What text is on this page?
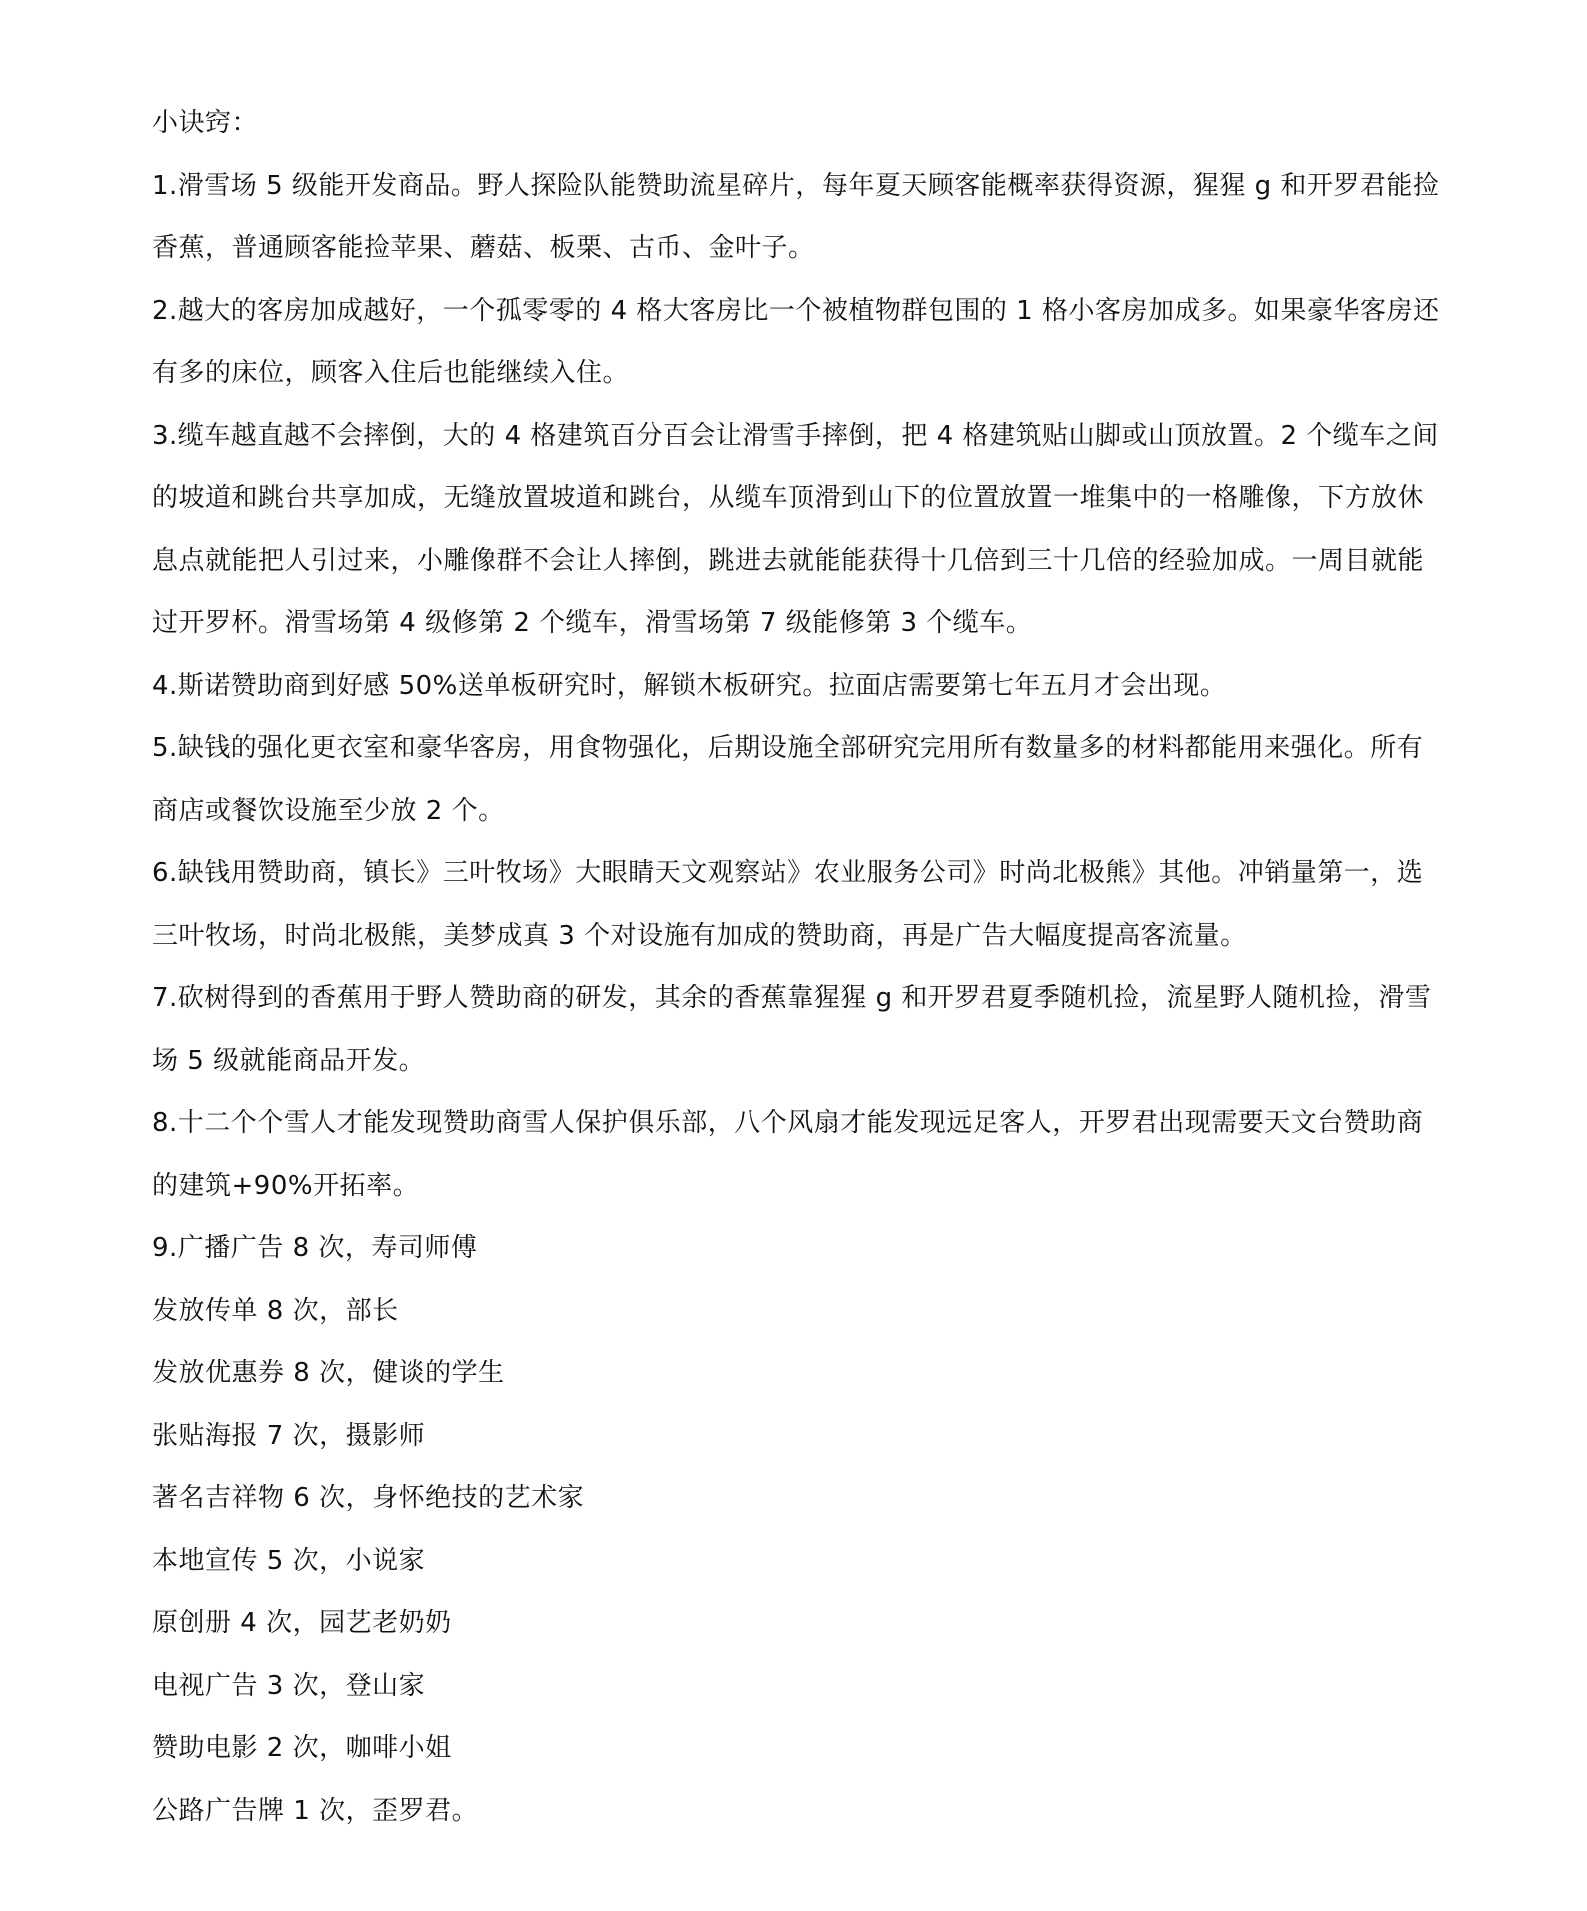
小诀窍：

1.滑雪场 5 级能开发商品。野人探险队能赞助流星碎片，每年夏天顾客能概率获得资源，猩猩 g 和开罗君能捡香蕉，普通顾客能捡苹果、蘑菇、板栗、古币、金叶子。

2.越大的客房加成越好，一个孤零零的 4 格大客房比一个被植物群包围的 1 格小客房加成多。如果豪华客房还有多的床位，顾客入住后也能继续入住。

3.缆车越直越不会摔倒，大的 4 格建筑百分百会让滑雪手摔倒，把 4 格建筑贴山脚或山顶放置。2 个缆车之间的坡道和跳台共享加成，无缝放置坡道和跳台，从缆车顶滑到山下的位置放置一堆集中的一格雕像，下方放休息点就能把人引过来，小雕像群不会让人摔倒，跳进去就能能获得十几倍到三十几倍的经验加成。一周目就能过开罗杯。滑雪场第 4 级修第 2 个缆车，滑雪场第 7 级能修第 3 个缆车。

4.斯诺赞助商到好感 50%送单板研究时，解锁木板研究。拉面店需要第七年五月才会出现。

5.缺钱的强化更衣室和豪华客房，用食物强化，后期设施全部研究完用所有数量多的材料都能用来强化。所有商店或餐饮设施至少放 2 个。

6.缺钱用赞助商，镇长》三叶牧场》大眼睛天文观察站》农业服务公司》时尚北极熊》其他。冲销量第一，选三叶牧场，时尚北极熊，美梦成真 3 个对设施有加成的赞助商，再是广告大幅度提高客流量。

7.砍树得到的香蕉用于野人赞助商的研发，其余的香蕉靠猩猩 g 和开罗君夏季随机捡，流星野人随机捡，滑雪场 5 级就能商品开发。

8.十二个个雪人才能发现赞助商雪人保护俱乐部，八个风扇才能发现远足客人，开罗君出现需要天文台赞助商的建筑+90%开拓率。

9.广播广告 8 次，寿司师傅

发放传单 8 次，部长

发放优惠券 8 次，健谈的学生

张贴海报 7 次，摄影师

著名吉祥物 6 次，身怀绝技的艺术家

本地宣传 5 次，小说家

原创册 4 次，园艺老奶奶

电视广告 3 次，登山家

赞助电影 2 次，咖啡小姐

公路广告牌 1 次，歪罗君。
